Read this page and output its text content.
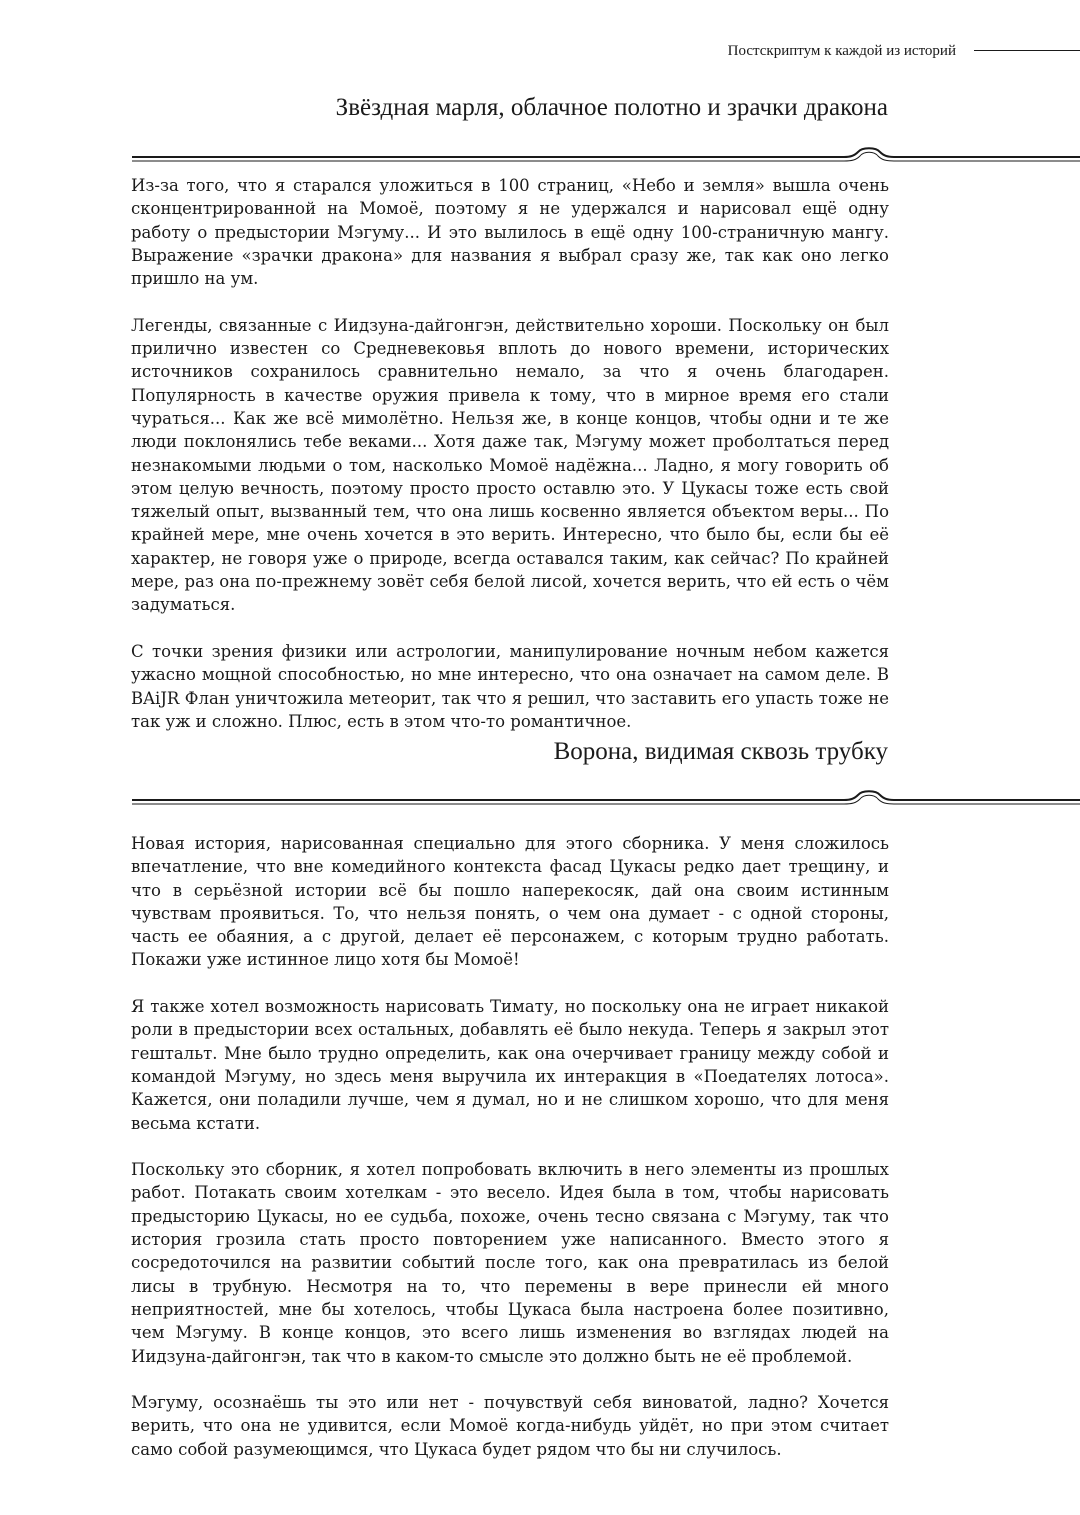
Постскриптум к каждой из историй
Звёздная марля, облачное полотно и зрачки дракона

Из-за того, что я старался уложиться в 100 страниц, «Небо и земля» вышла очень сконцентрированной на Момоё, поэтому я не удержался и нарисовал ещё одну работу о предыстории Мэгуму... И это вылилось в ещё одну 100-страничную мангу. Выражение «зрачки дракона» для названия я выбрал сразу же, так как оно легко пришло на ум.

Легенды, связанные с Иидзуна-дайгонгэн, действительно хороши. Поскольку он был прилично известен со Средневековья вплоть до нового времени, исторических источников сохранилось сравнительно немало, за что я очень благодарен. Популярность в качестве оружия привела к тому, что в мирное время его стали чураться... Как же всё мимолётно. Нельзя же, в конце концов, чтобы одни и те же люди поклонялись тебе веками... Хотя даже так, Мэгуму может проболтаться перед незнакомыми людьми о том, насколько Момоё надёжна... Ладно, я могу говорить об этом целую вечность, поэтому просто просто оставлю это. У Цукасы тоже есть свой тяжелый опыт, вызванный тем, что она лишь косвенно является объектом веры... По крайней мере, мне очень хочется в это верить. Интересно, что было бы, если бы её характер, не говоря уже о природе, всегда оставался таким, как сейчас? По крайней мере, раз она по-прежнему зовёт себя белой лисой, хочется верить, что ей есть о чём задуматься.

С точки зрения физики или астрологии, манипулирование ночным небом кажется ужасно мощной способностью, но мне интересно, что она означает на самом деле. В BAiJR Флан уничтожила метеорит, так что я решил, что заставить его упасть тоже не так уж и сложно. Плюс, есть в этом что-то романтичное.

Ворона, видимая сквозь трубку

Новая история, нарисованная специально для этого сборника. У меня сложилось впечатление, что вне комедийного контекста фасад Цукасы редко дает трещину, и что в серьёзной истории всё бы пошло наперекосяк, дай она своим истинным чувствам проявиться. То, что нельзя понять, о чем она думает - с одной стороны, часть ее обаяния, а с другой, делает её персонажем, с которым трудно работать. Покажи уже истинное лицо хотя бы Момоё!

Я также хотел возможность нарисовать Тимату, но поскольку она не играет никакой роли в предыстории всех остальных, добавлять её было некуда. Теперь я закрыл этот гештальт. Мне было трудно определить, как она очерчивает границу между собой и командой Мэгуму, но здесь меня выручила их интеракция в «Поедателях лотоса». Кажется, они поладили лучше, чем я думал, но и не слишком хорошо, что для меня весьма кстати.

Поскольку это сборник, я хотел попробовать включить в него элементы из прошлых работ. Потакать своим хотелкам - это весело. Идея была в том, чтобы нарисовать предысторию Цукасы, но ее судьба, похоже, очень тесно связана с Мэгуму, так что история грозила стать просто повторением уже написанного. Вместо этого я сосредоточился на развитии событий после того, как она превратилась из белой лисы в трубную. Несмотря на то, что перемены в вере принесли ей много неприятностей, мне бы хотелось, чтобы Цукаса была настроена более позитивно, чем Мэгуму. В конце концов, это всего лишь изменения во взглядах людей на Иидзуна-дайгонгэн, так что в каком-то смысле это должно быть не её проблемой.

Мэгуму, осознаёшь ты это или нет - почувствуй себя виноватой, ладно? Хочется верить, что она не удивится, если Момоё когда-нибудь уйдёт, но при этом считает само собой разумеющимся, что Цукаса будет рядом что бы ни случилось.
